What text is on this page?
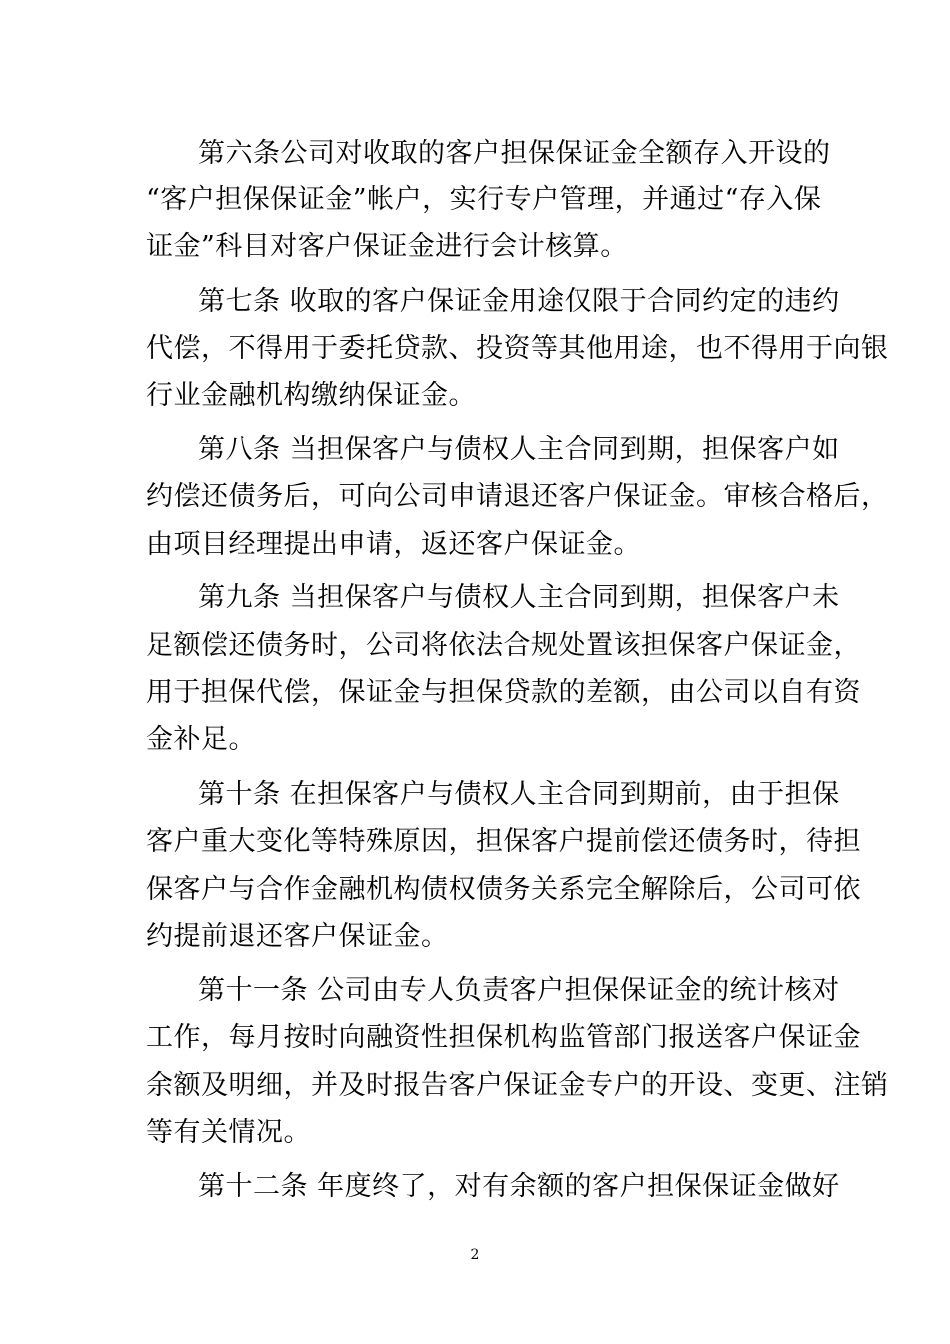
第六条公司对收取的客户担保保证金全额存入开设的
“客户担保保证金”帐户，实行专户管理，并通过“存入保
证金”科目对客户保证金进行会计核算。
第七条 收取的客户保证金用途仅限于合同约定的违约
代偿，不得用于委托贷款、投资等其他用途，也不得用于向银
行业金融机构缴纳保证金。
第八条 当担保客户与债权人主合同到期，担保客户如
约偿还债务后，可向公司申请退还客户保证金。审核合格后，
由项目经理提出申请，返还客户保证金。
第九条 当担保客户与债权人主合同到期，担保客户未
足额偿还债务时，公司将依法合规处置该担保客户保证金，
用于担保代偿，保证金与担保贷款的差额，由公司以自有资
金补足。
第十条 在担保客户与债权人主合同到期前，由于担保
客户重大变化等特殊原因，担保客户提前偿还债务时，待担
保客户与合作金融机构债权债务关系完全解除后，公司可依
约提前退还客户保证金。
第十一条 公司由专人负责客户担保保证金的统计核对
工作，每月按时向融资性担保机构监管部门报送客户保证金
余额及明细，并及时报告客户保证金专户的开设、变更、注销
等有关情况。
第十二条 年度终了，对有余额的客户担保保证金做好
2
